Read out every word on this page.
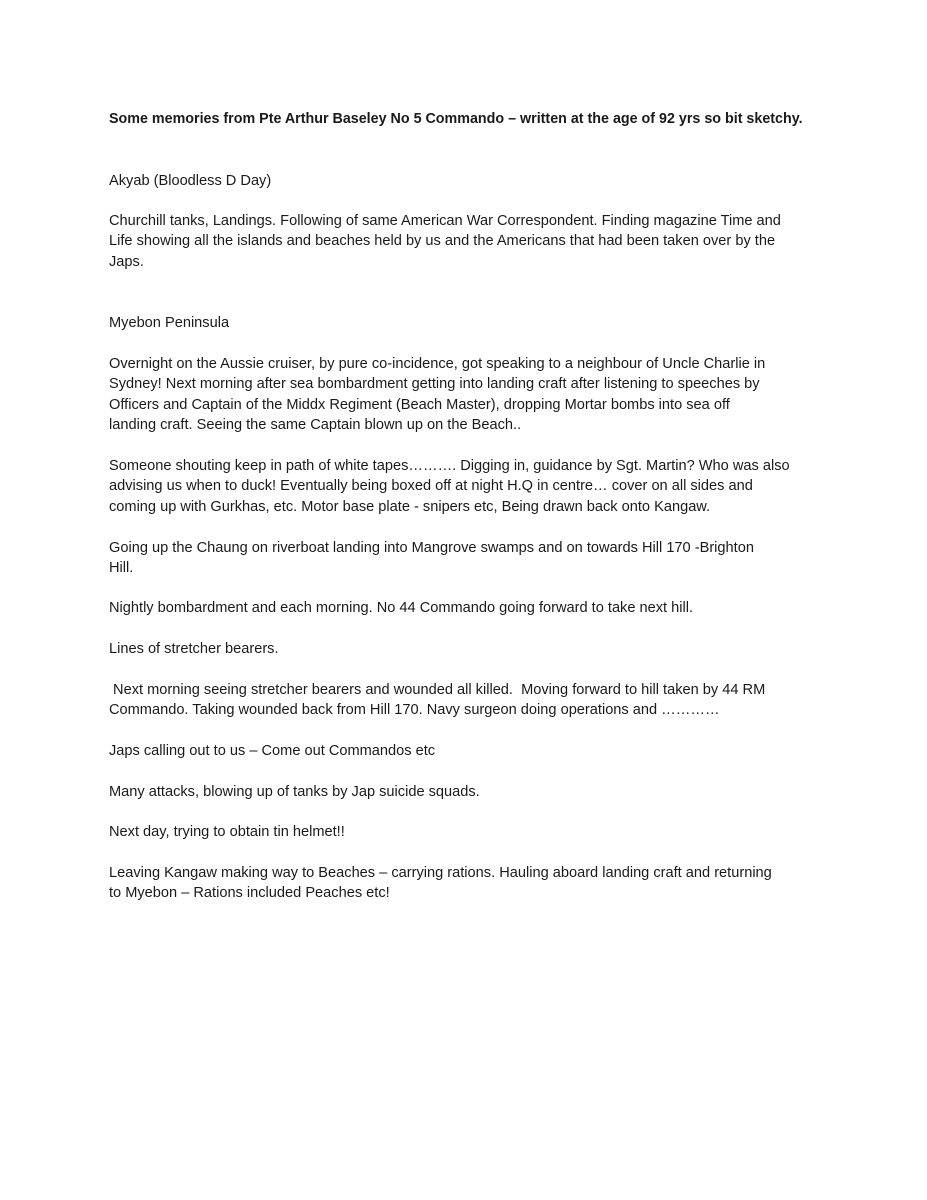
Some memories from Pte Arthur Baseley No 5 Commando – written at the age of 92 yrs so bit sketchy.

Akyab (Bloodless D Day)

Churchill tanks, Landings. Following of same American War Correspondent. Finding magazine Time and
Life showing all the islands and beaches held by us and the Americans that had been taken over by the
Japs.

Myebon Peninsula

Overnight on the Aussie cruiser, by pure co-incidence, got speaking to a neighbour of Uncle Charlie in
Sydney! Next morning after sea bombardment getting into landing craft after listening to speeches by
Officers and Captain of the Middx Regiment (Beach Master), dropping Mortar bombs into sea off
landing craft. Seeing the same Captain blown up on the Beach..

Someone shouting keep in path of white tapes………. Digging in, guidance by Sgt. Martin? Who was also
advising us when to duck! Eventually being boxed off at night H.Q in centre… cover on all sides and
coming up with Gurkhas, etc. Motor base plate - snipers etc, Being drawn back onto Kangaw.

Going up the Chaung on riverboat landing into Mangrove swamps and on towards Hill 170 -Brighton
Hill.

Nightly bombardment and each morning. No 44 Commando going forward to take next hill.

Lines of stretcher bearers.

Next morning seeing stretcher bearers and wounded all killed.  Moving forward to hill taken by 44 RM
Commando. Taking wounded back from Hill 170. Navy surgeon doing operations and …………

Japs calling out to us – Come out Commandos etc

Many attacks, blowing up of tanks by Jap suicide squads.

Next day, trying to obtain tin helmet!!

Leaving Kangaw making way to Beaches – carrying rations. Hauling aboard landing craft and returning
to Myebon – Rations included Peaches etc!
